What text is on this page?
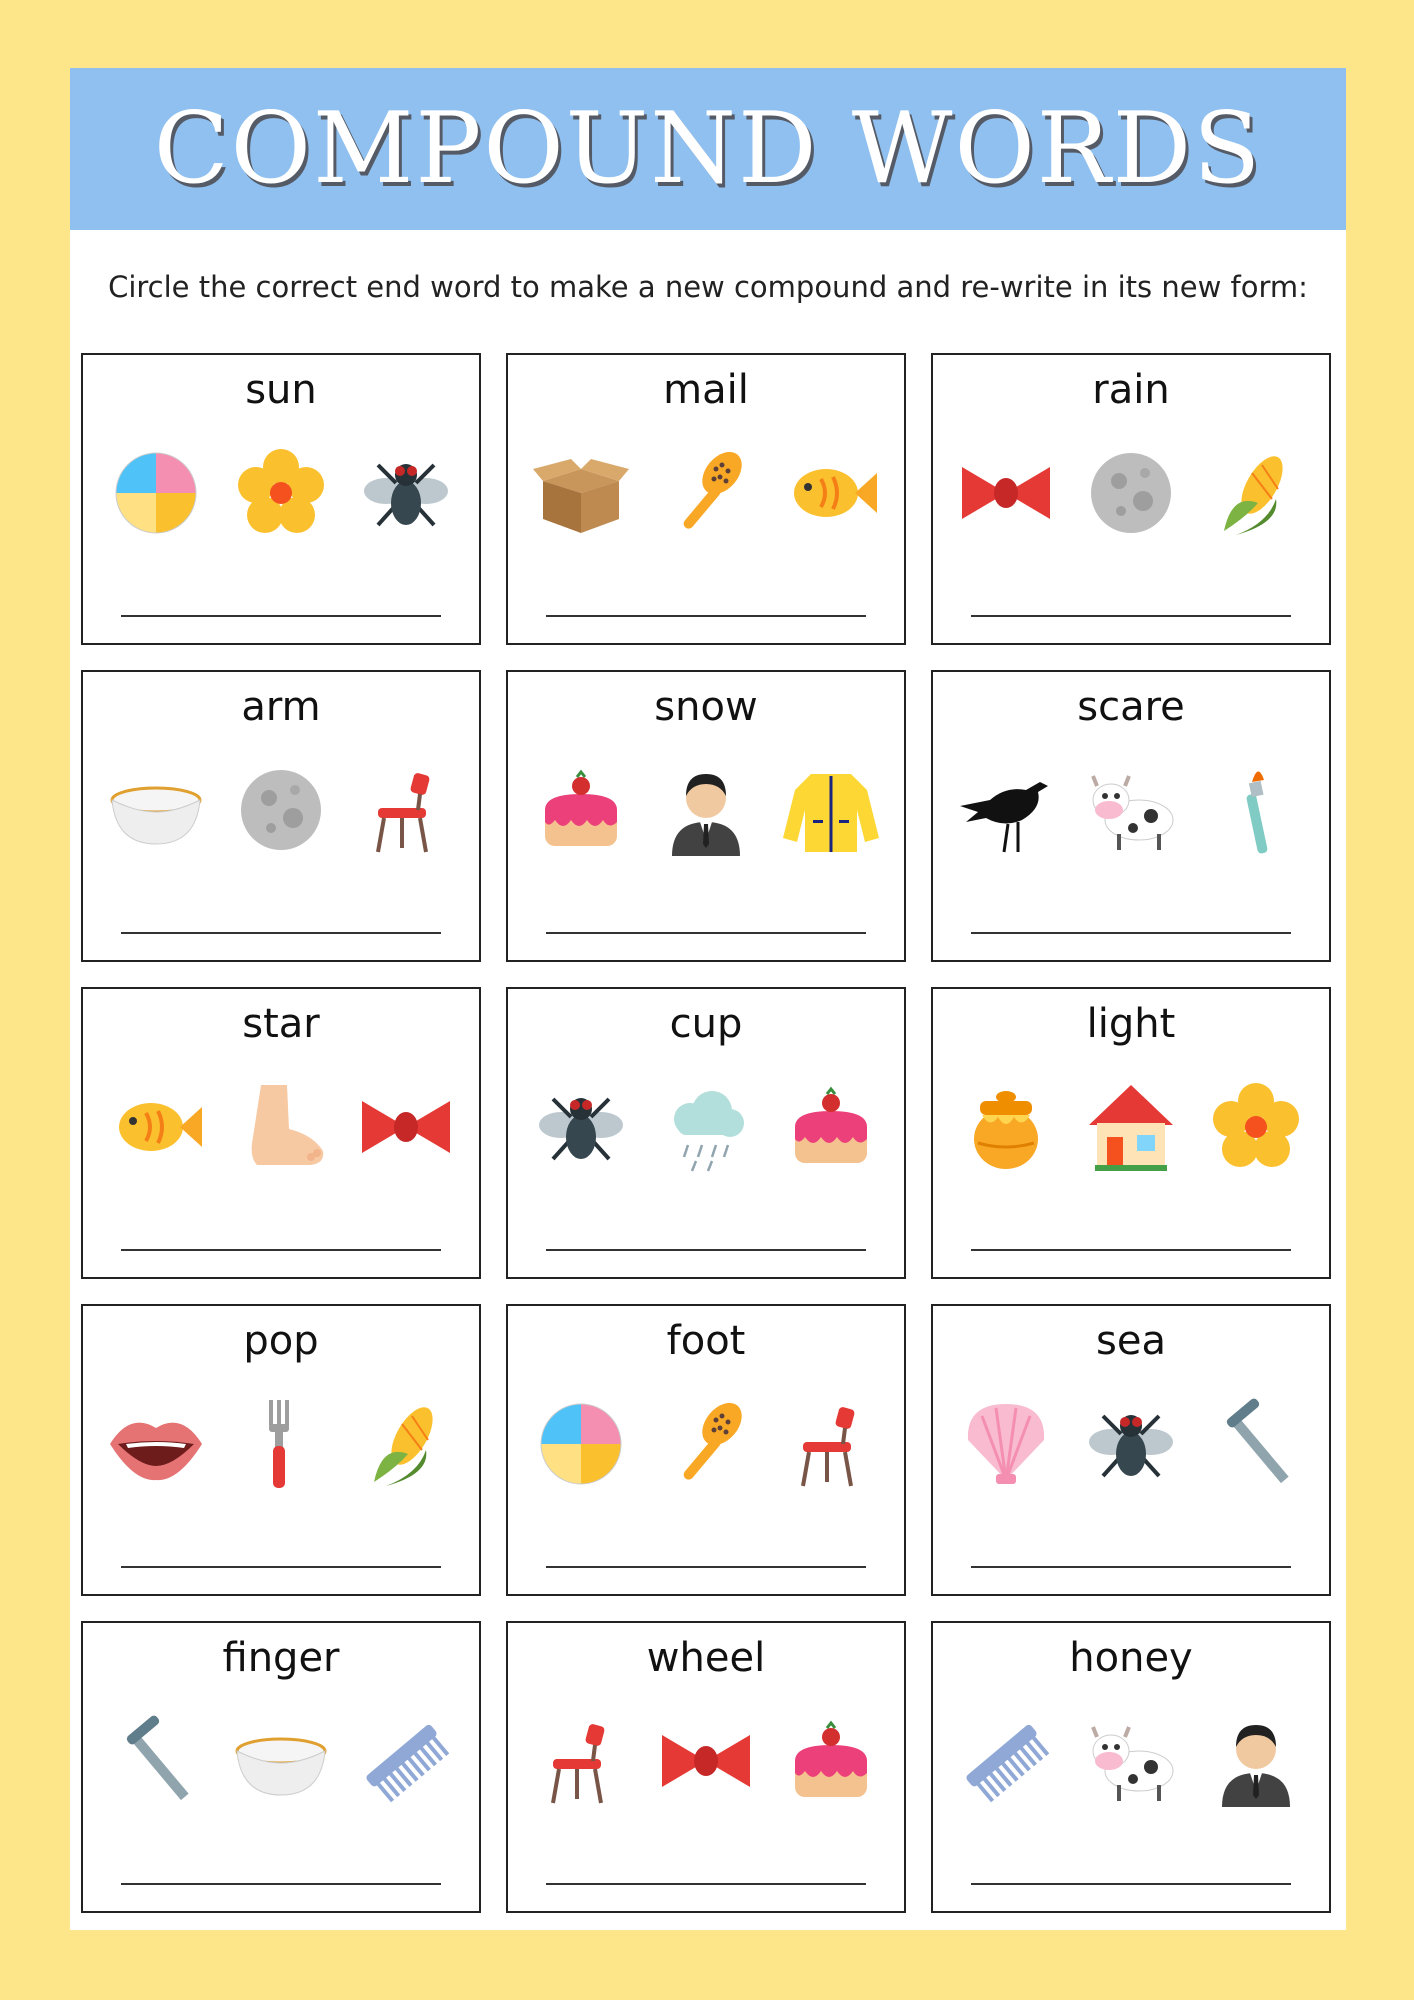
COMPOUND WORDS
Circle the correct end word to make a new compound and re-write in its new form:
sun	mail	rain
arm	snow	scare
star	cup	light
pop	foot	sea
finger	wheel	honey
